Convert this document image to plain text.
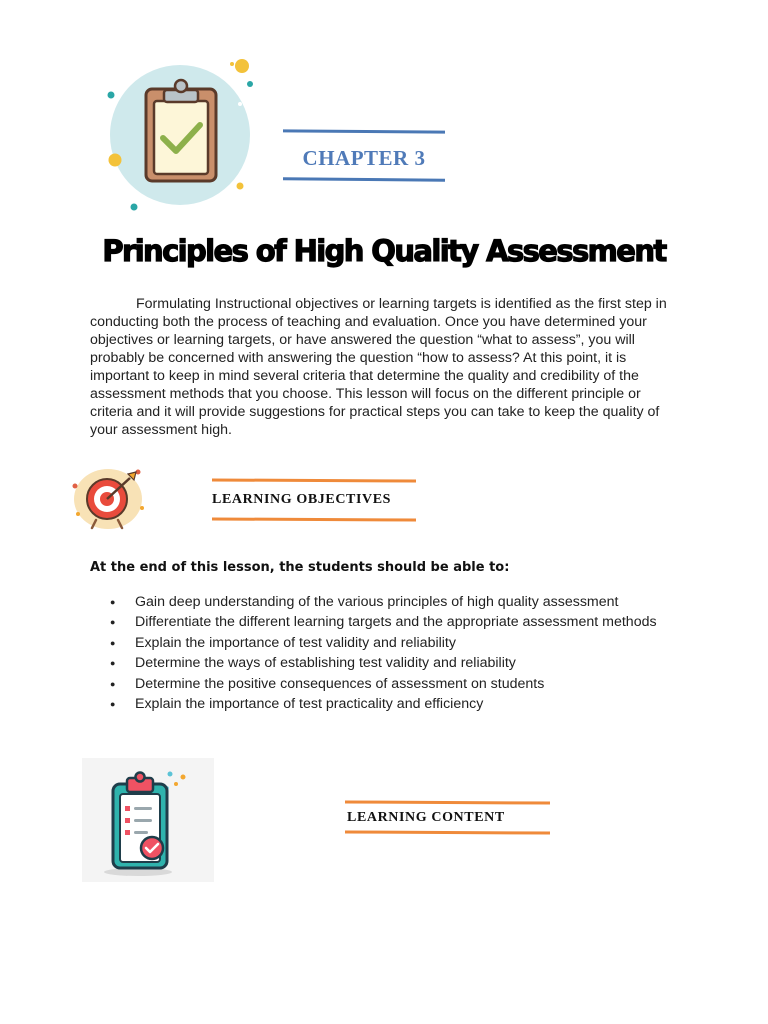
CHAPTER 3
Principles of High Quality Assessment
Formulating Instructional objectives or learning targets is identified as the first step in conducting both the process of teaching and evaluation. Once you have determined your objectives or learning targets, or have answered the question “what to assess”, you will probably be concerned with answering the question “how to assess? At this point, it is important to keep in mind several criteria that determine the quality and credibility of the assessment methods that you choose. This lesson will focus on the different principle or criteria and it will provide suggestions for practical steps you can take to keep the quality of your assessment high.
LEARNING OBJECTIVES
At the end of this lesson, the students should be able to:
● Gain deep understanding of the various principles of high quality assessment
● Differentiate the different learning targets and the appropriate assessment methods
● Explain the importance of test validity and reliability
● Determine the ways of establishing test validity and reliability
● Determine the positive consequences of assessment on students
● Explain the importance of test practicality and efficiency
LEARNING CONTENT
